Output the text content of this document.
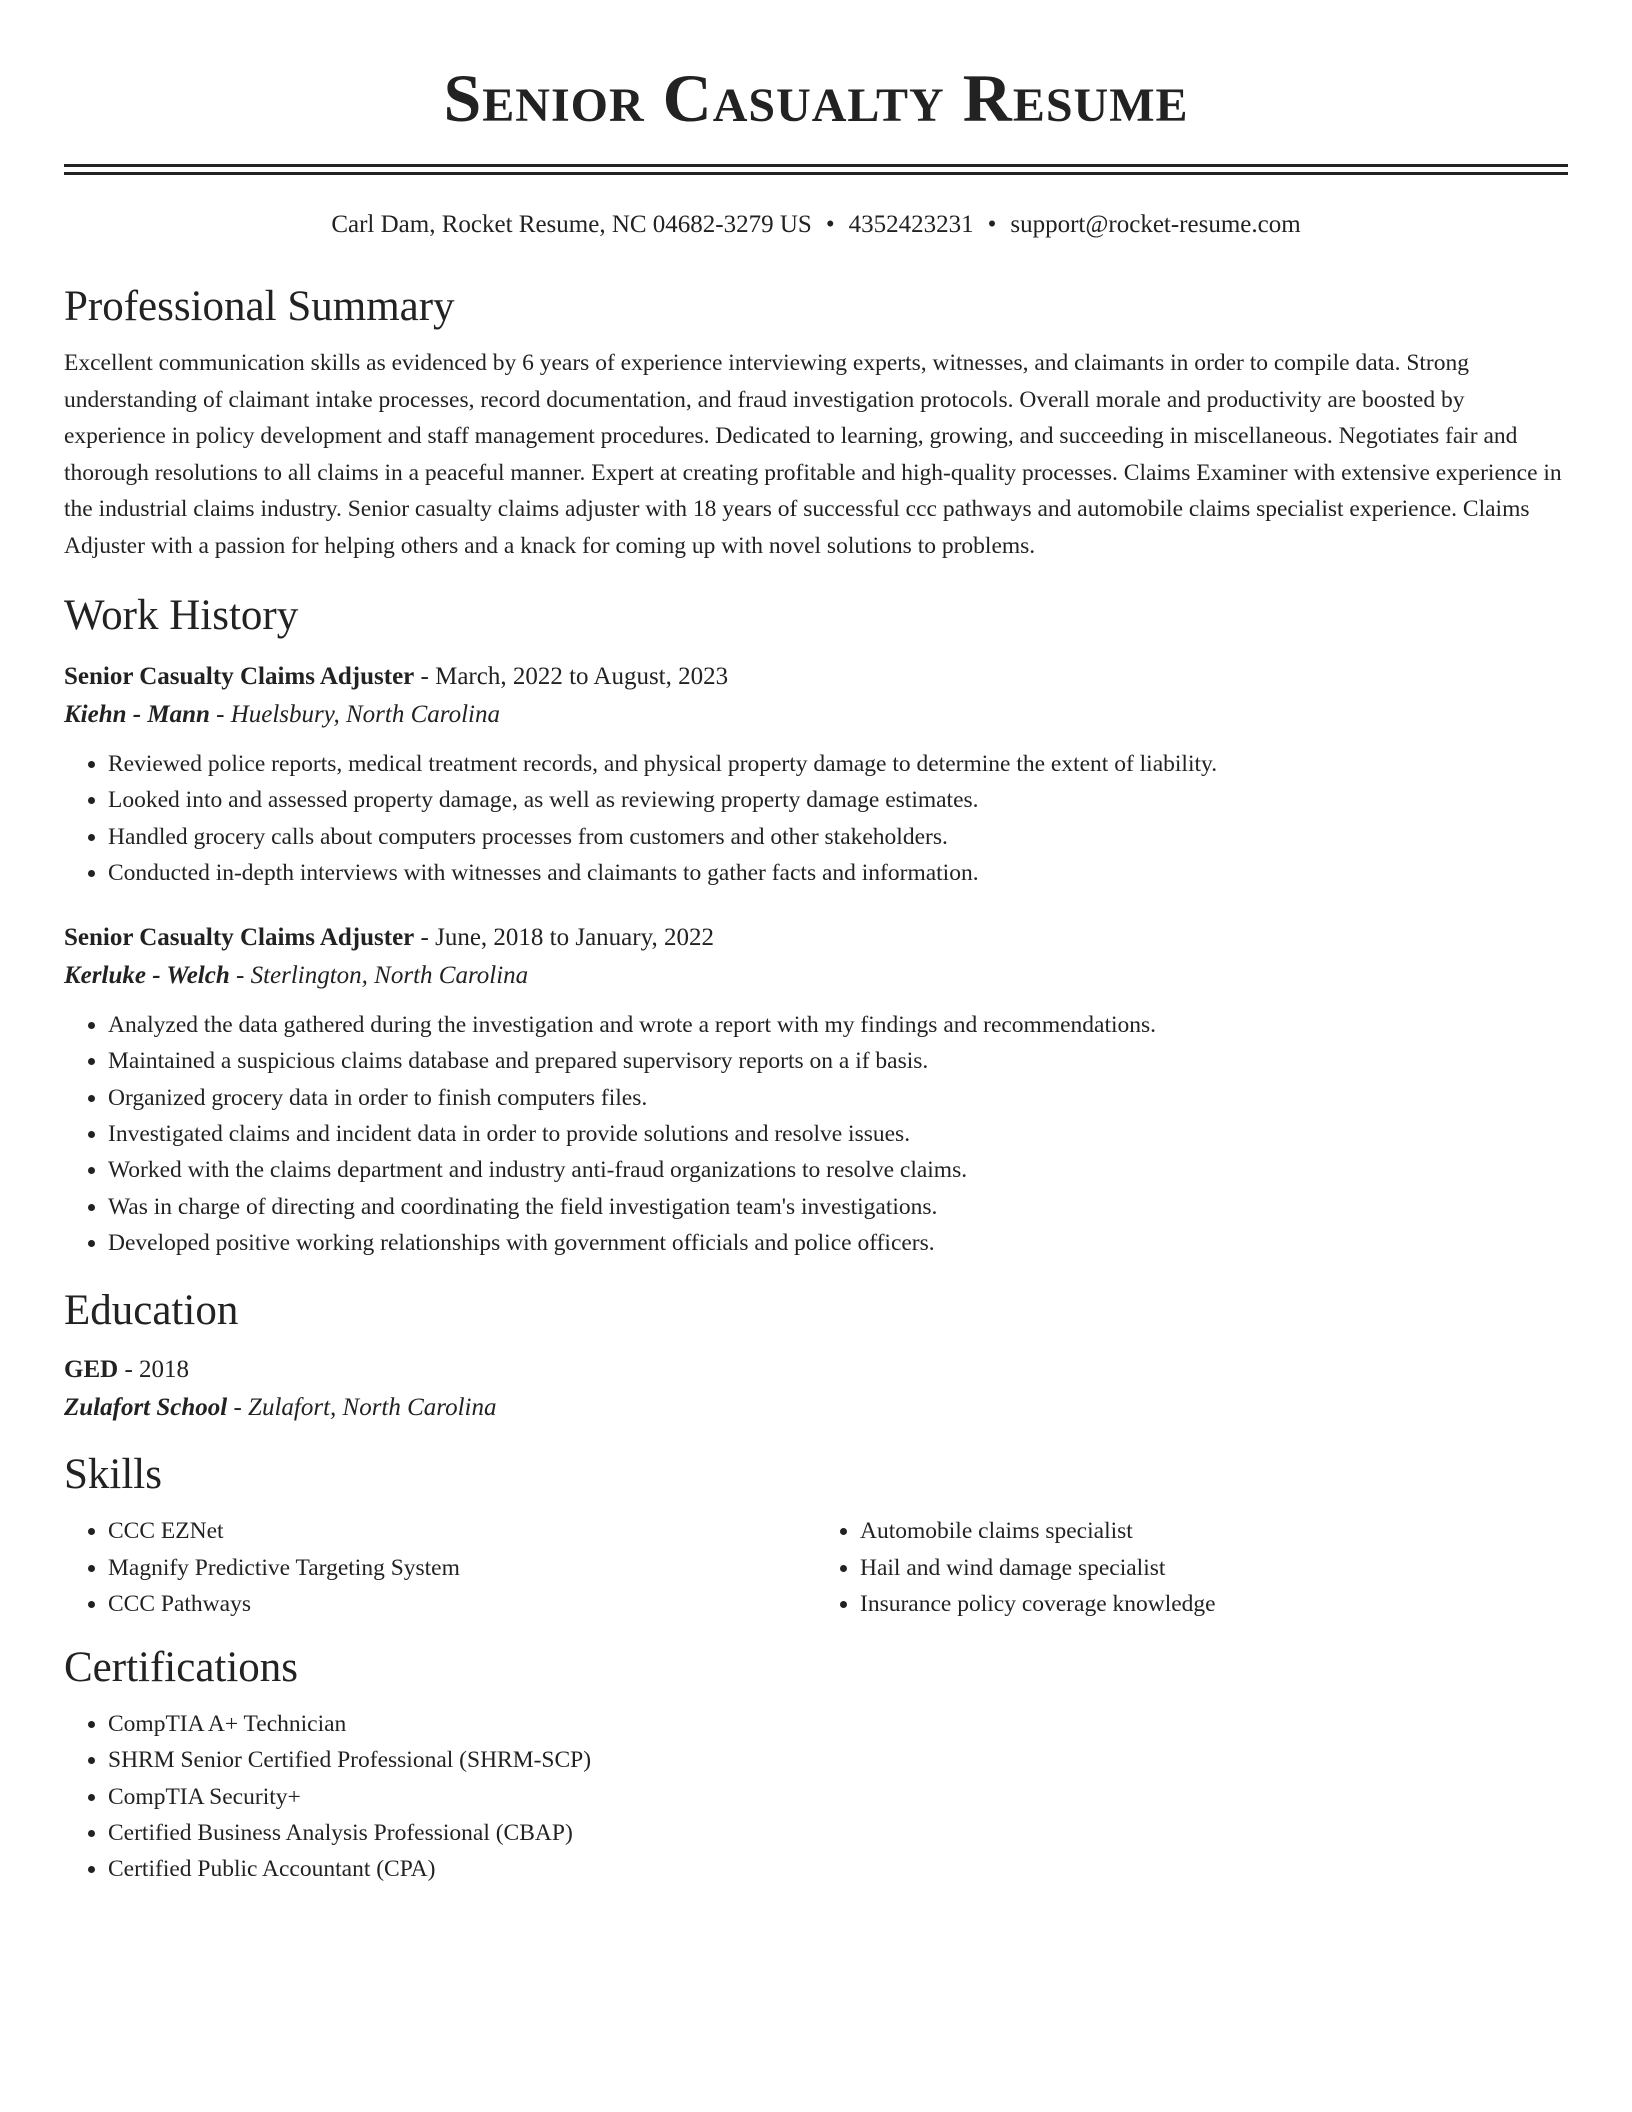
Senior Casualty Resume
Carl Dam, Rocket Resume, NC 04682-3279 US • 4352423231 • support@rocket-resume.com
Professional Summary
Excellent communication skills as evidenced by 6 years of experience interviewing experts, witnesses, and claimants in order to compile data. Strong understanding of claimant intake processes, record documentation, and fraud investigation protocols. Overall morale and productivity are boosted by experience in policy development and staff management procedures. Dedicated to learning, growing, and succeeding in miscellaneous. Negotiates fair and thorough resolutions to all claims in a peaceful manner. Expert at creating profitable and high-quality processes. Claims Examiner with extensive experience in the industrial claims industry. Senior casualty claims adjuster with 18 years of successful ccc pathways and automobile claims specialist experience. Claims Adjuster with a passion for helping others and a knack for coming up with novel solutions to problems.
Work History
Senior Casualty Claims Adjuster - March, 2022 to August, 2023
Kiehn - Mann - Huelsbury, North Carolina
• Reviewed police reports, medical treatment records, and physical property damage to determine the extent of liability.
• Looked into and assessed property damage, as well as reviewing property damage estimates.
• Handled grocery calls about computers processes from customers and other stakeholders.
• Conducted in-depth interviews with witnesses and claimants to gather facts and information.
Senior Casualty Claims Adjuster - June, 2018 to January, 2022
Kerluke - Welch - Sterlington, North Carolina
• Analyzed the data gathered during the investigation and wrote a report with my findings and recommendations.
• Maintained a suspicious claims database and prepared supervisory reports on a if basis.
• Organized grocery data in order to finish computers files.
• Investigated claims and incident data in order to provide solutions and resolve issues.
• Worked with the claims department and industry anti-fraud organizations to resolve claims.
• Was in charge of directing and coordinating the field investigation team's investigations.
• Developed positive working relationships with government officials and police officers.
Education
GED - 2018
Zulafort School - Zulafort, North Carolina
Skills
• CCC EZNet
• Magnify Predictive Targeting System
• CCC Pathways
• Automobile claims specialist
• Hail and wind damage specialist
• Insurance policy coverage knowledge
Certifications
• CompTIA A+ Technician
• SHRM Senior Certified Professional (SHRM-SCP)
• CompTIA Security+
• Certified Business Analysis Professional (CBAP)
• Certified Public Accountant (CPA)
